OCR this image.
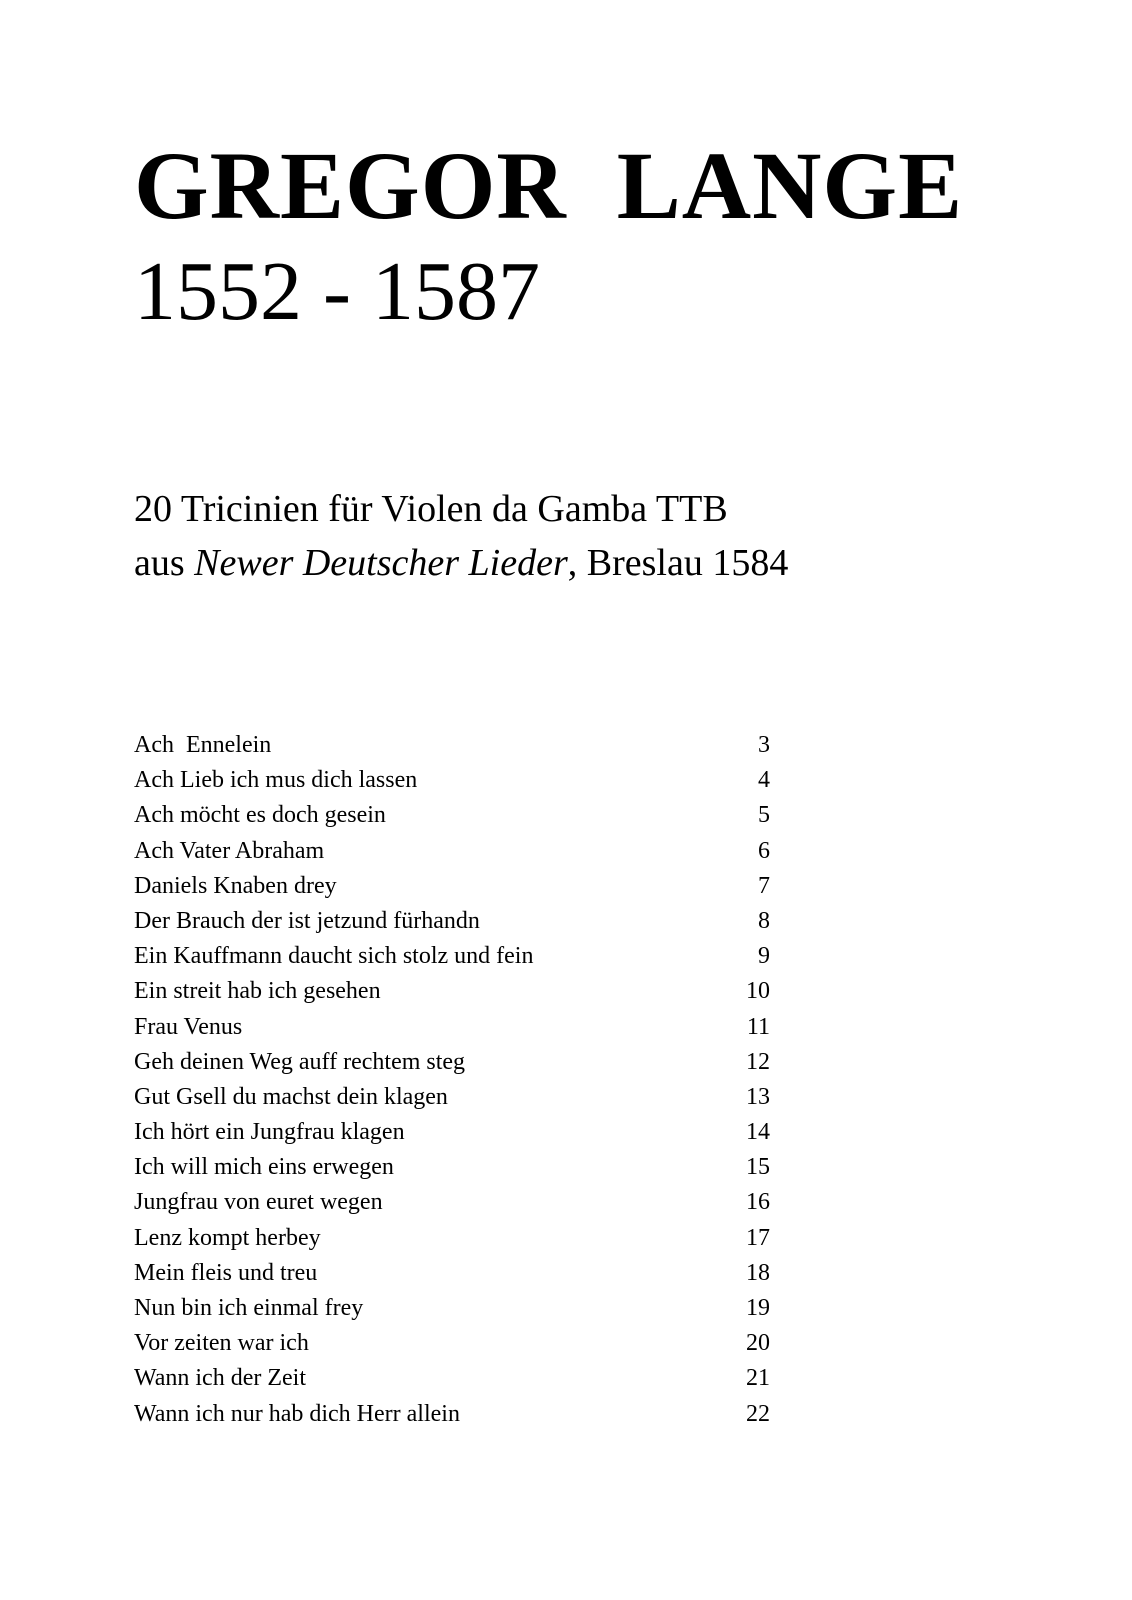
GREGOR  LANGE
1552 - 1587
20 Tricinien für Violen da Gamba TTB
aus Newer Deutscher Lieder, Breslau 1584
Ach  Ennelein	3
Ach Lieb ich mus dich lassen	4
Ach möcht es doch gesein	5
Ach Vater Abraham	6
Daniels Knaben drey	7
Der Brauch der ist jetzund fürhandn	8
Ein Kauffmann daucht sich stolz und fein	9
Ein streit hab ich gesehen	10
Frau Venus	11
Geh deinen Weg auff rechtem steg	12
Gut Gsell du machst dein klagen	13
Ich hört ein Jungfrau klagen	14
Ich will mich eins erwegen	15
Jungfrau von euret wegen	16
Lenz kompt herbey	17
Mein fleis und treu	18
Nun bin ich einmal frey	19
Vor zeiten war ich	20
Wann ich der Zeit	21
Wann ich nur hab dich Herr allein	22
